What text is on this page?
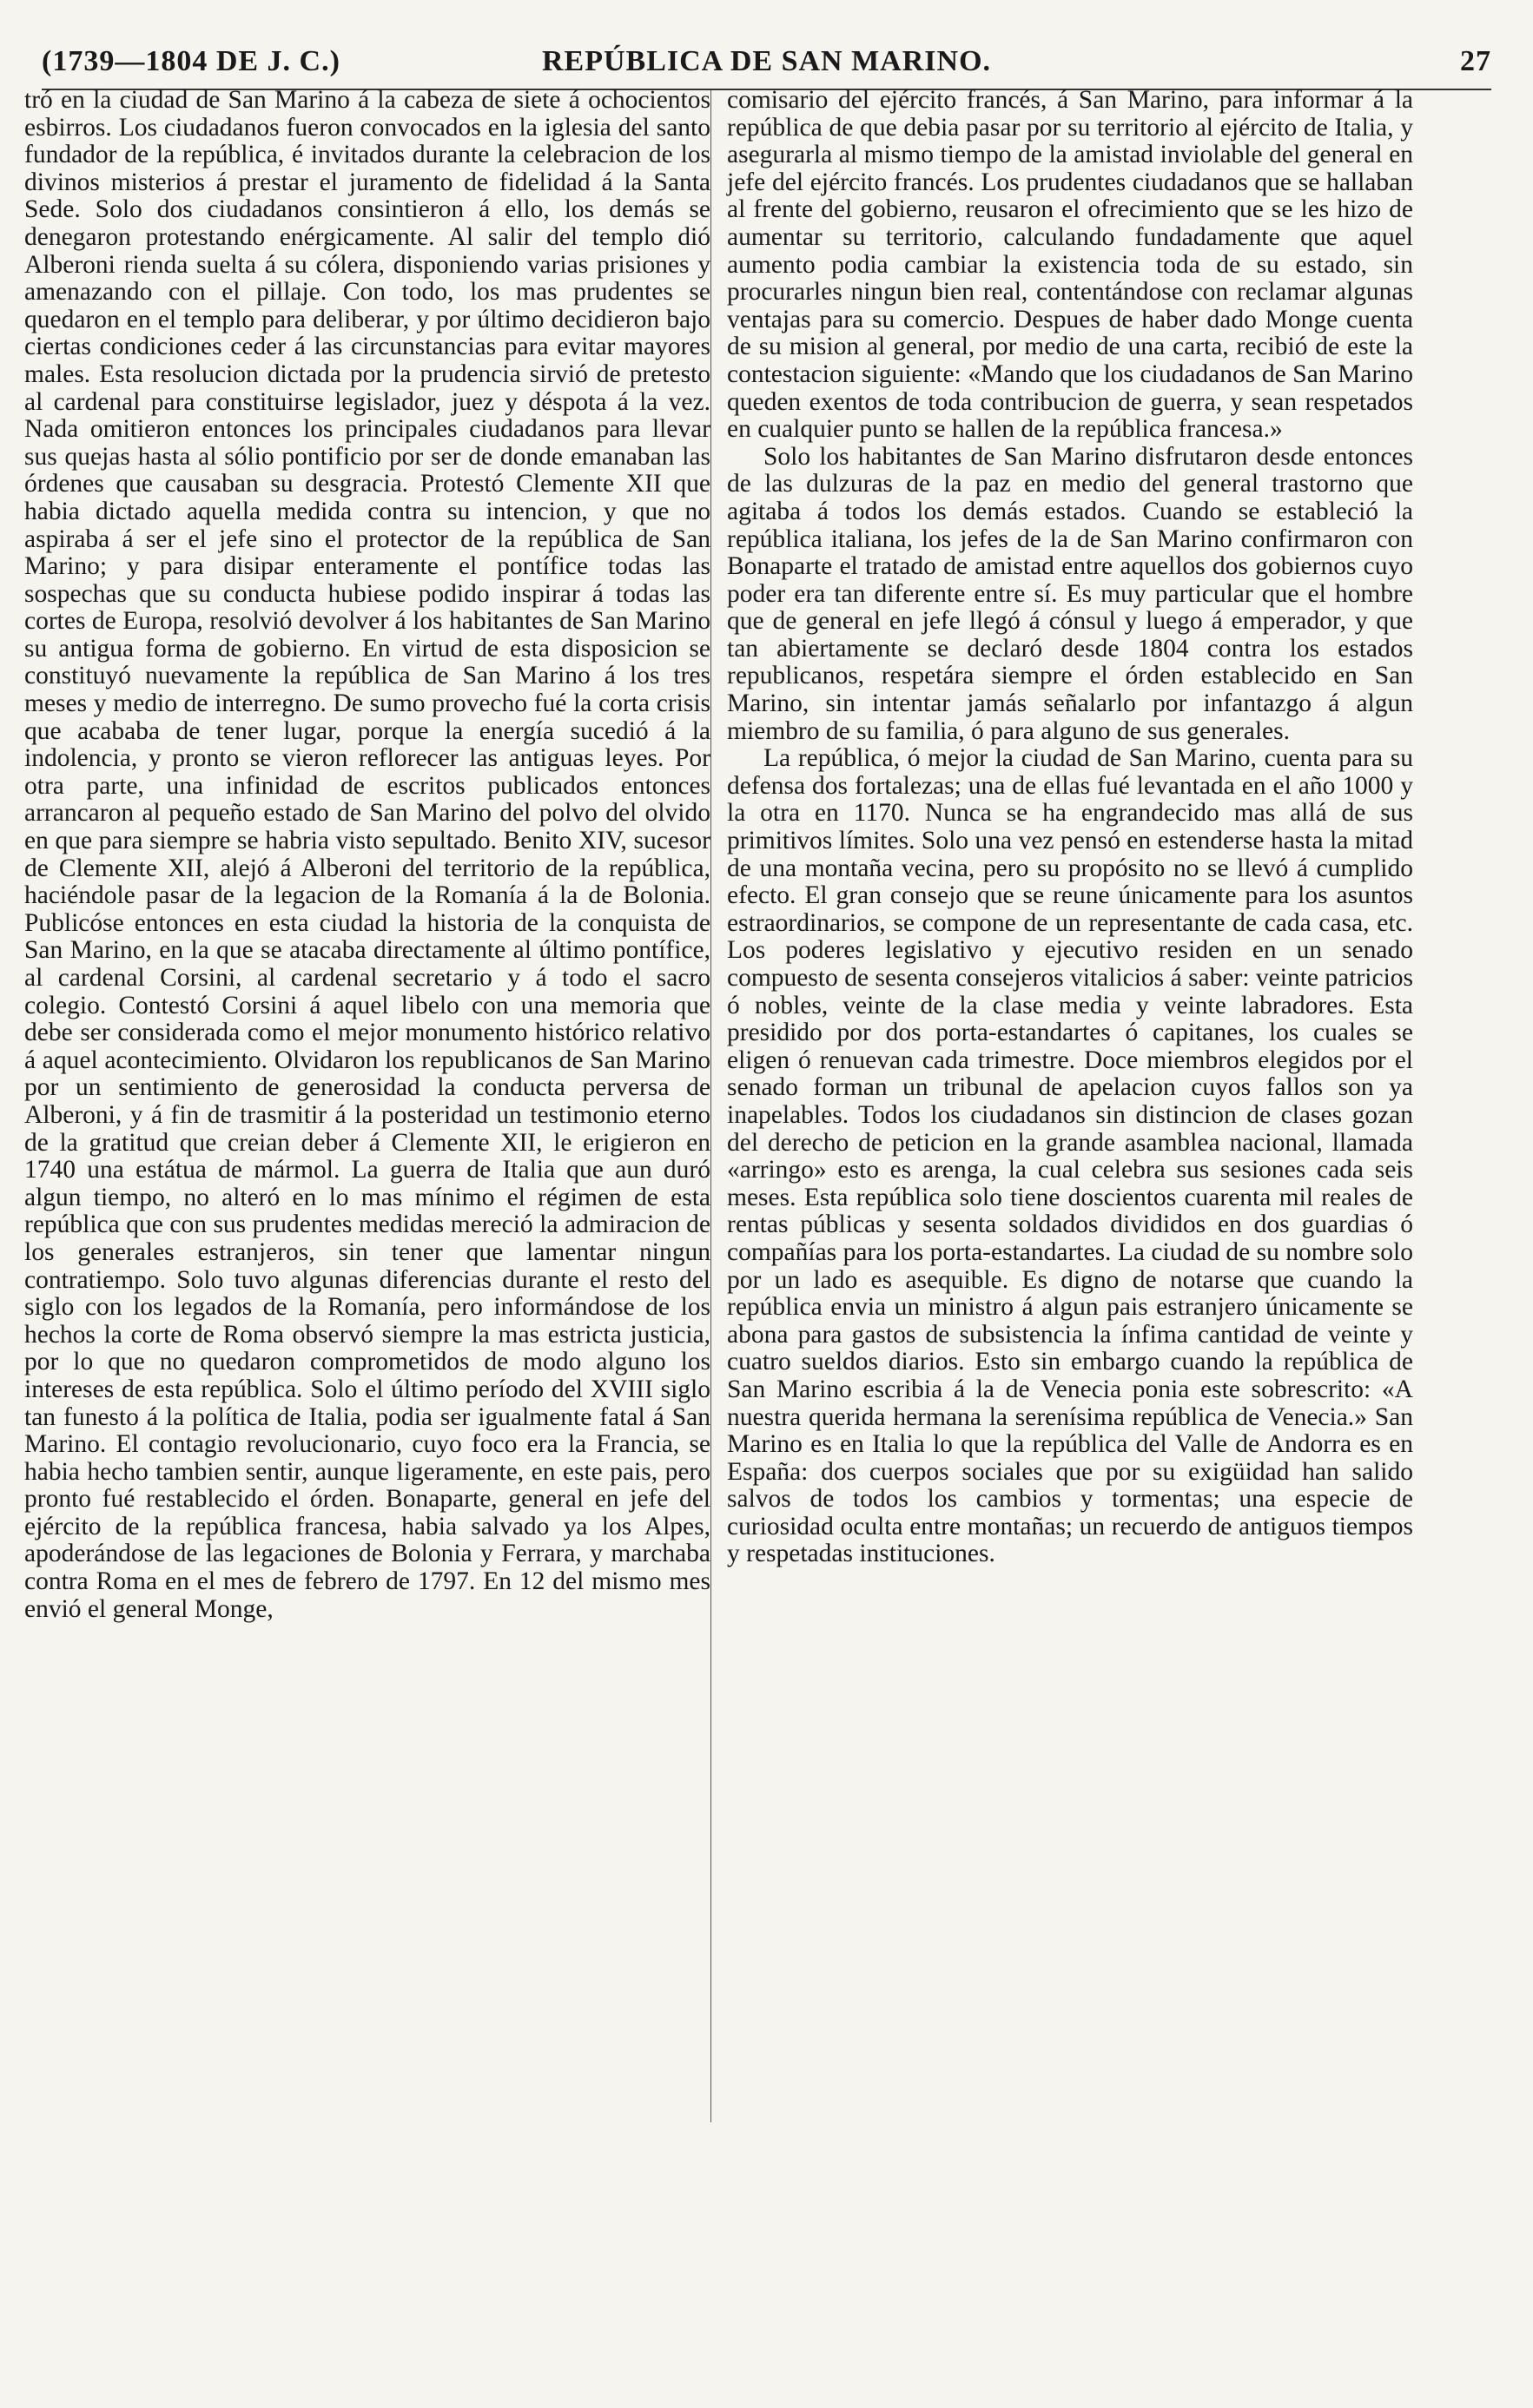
(1739—1804 DE J. C.)	REPÚBLICA DE SAN MARINO.	27

tró en la ciudad de San Marino á la cabeza de siete á ochocientos esbirros. Los ciudadanos fueron convocados en la iglesia del santo fundador de la república, é invitados durante la celebracion de los divinos misterios á prestar el juramento de fidelidad á la Santa Sede. Solo dos ciudadanos consintieron á ello, los demás se denegaron protestando enérgicamente. Al salir del templo dió Alberoni rienda suelta á su cólera, disponiendo varias prisiones y amenazando con el pillaje. Con todo, los mas prudentes se quedaron en el templo para deliberar, y por último decidieron bajo ciertas condiciones ceder á las circunstancias para evitar mayores males. Esta resolucion dictada por la prudencia sirvió de pretesto al cardenal para constituirse legislador, juez y déspota á la vez. Nada omitieron entonces los principales ciudadanos para llevar sus quejas hasta al sólio pontificio por ser de donde emanaban las órdenes que causaban su desgracia. Protestó Clemente XII que habia dictado aquella medida contra su intencion, y que no aspiraba á ser el jefe sino el protector de la república de San Marino; y para disipar enteramente el pontífice todas las sospechas que su conducta hubiese podido inspirar á todas las cortes de Europa, resolvió devolver á los habitantes de San Marino su antigua forma de gobierno. En virtud de esta disposicion se constituyó nuevamente la república de San Marino á los tres meses y medio de interregno. De sumo provecho fué la corta crisis que acababa de tener lugar, porque la energía sucedió á la indolencia, y pronto se vieron reflorecer las antiguas leyes. Por otra parte, una infinidad de escritos publicados entonces arrancaron al pequeño estado de San Marino del polvo del olvido en que para siempre se habria visto sepultado. Benito XIV, sucesor de Clemente XII, alejó á Alberoni del territorio de la república, haciéndole pasar de la legacion de la Romanía á la de Bolonia. Publicóse entonces en esta ciudad la historia de la conquista de San Marino, en la que se atacaba directamente al último pontífice, al cardenal Corsini, al cardenal secretario y á todo el sacro colegio. Contestó Corsini á aquel libelo con una memoria que debe ser considerada como el mejor monumento histórico relativo á aquel acontecimiento. Olvidaron los republicanos de San Marino por un sentimiento de generosidad la conducta perversa de Alberoni, y á fin de trasmitir á la posteridad un testimonio eterno de la gratitud que creian deber á Clemente XII, le erigieron en 1740 una estátua de mármol. La guerra de Italia que aun duró algun tiempo, no alteró en lo mas mínimo el régimen de esta república que con sus prudentes medidas mereció la admiracion de los generales estranjeros, sin tener que lamentar ningun contratiempo. Solo tuvo algunas diferencias durante el resto del siglo con los legados de la Romanía, pero informándose de los hechos la corte de Roma observó siempre la mas estricta justicia, por lo que no quedaron comprometidos de modo alguno los intereses de esta república. Solo el último período del XVIII siglo tan funesto á la política de Italia, podia ser igualmente fatal á San Marino. El contagio revolucionario, cuyo foco era la Francia, se habia hecho tambien sentir, aunque ligeramente, en este pais, pero pronto fué restablecido el órden. Bonaparte, general en jefe del ejército de la república francesa, habia salvado ya los Alpes, apoderándose de las legaciones de Bolonia y Ferrara, y marchaba contra Roma en el mes de febrero de 1797. En 12 del mismo mes envió el general Monge,

comisario del ejército francés, á San Marino, para informar á la república de que debia pasar por su territorio al ejército de Italia, y asegurarla al mismo tiempo de la amistad inviolable del general en jefe del ejército francés. Los prudentes ciudadanos que se hallaban al frente del gobierno, reusaron el ofrecimiento que se les hizo de aumentar su territorio, calculando fundadamente que aquel aumento podia cambiar la existencia toda de su estado, sin procurarles ningun bien real, contentándose con reclamar algunas ventajas para su comercio. Despues de haber dado Monge cuenta de su mision al general, por medio de una carta, recibió de este la contestacion siguiente: «Mando que los ciudadanos de San Marino queden exentos de toda contribucion de guerra, y sean respetados en cualquier punto se hallen de la república francesa.»

Solo los habitantes de San Marino disfrutaron desde entonces de las dulzuras de la paz en medio del general trastorno que agitaba á todos los demás estados. Cuando se estableció la república italiana, los jefes de la de San Marino confirmaron con Bonaparte el tratado de amistad entre aquellos dos gobiernos cuyo poder era tan diferente entre sí. Es muy particular que el hombre que de general en jefe llegó á cónsul y luego á emperador, y que tan abiertamente se declaró desde 1804 contra los estados republicanos, respetára siempre el órden establecido en San Marino, sin intentar jamás señalarlo por infantazgo á algun miembro de su familia, ó para alguno de sus generales.

La república, ó mejor la ciudad de San Marino, cuenta para su defensa dos fortalezas; una de ellas fué levantada en el año 1000 y la otra en 1170. Nunca se ha engrandecido mas allá de sus primitivos límites. Solo una vez pensó en estenderse hasta la mitad de una montaña vecina, pero su propósito no se llevó á cumplido efecto. El gran consejo que se reune únicamente para los asuntos estraordinarios, se compone de un representante de cada casa, etc. Los poderes legislativo y ejecutivo residen en un senado compuesto de sesenta consejeros vitalicios á saber: veinte patricios ó nobles, veinte de la clase media y veinte labradores. Esta presidido por dos porta-estandartes ó capitanes, los cuales se eligen ó renuevan cada trimestre. Doce miembros elegidos por el senado forman un tribunal de apelacion cuyos fallos son ya inapelables. Todos los ciudadanos sin distincion de clases gozan del derecho de peticion en la grande asamblea nacional, llamada «arringo» esto es arenga, la cual celebra sus sesiones cada seis meses. Esta república solo tiene doscientos cuarenta mil reales de rentas públicas y sesenta soldados divididos en dos guardias ó compañías para los porta-estandartes. La ciudad de su nombre solo por un lado es asequible. Es digno de notarse que cuando la república envia un ministro á algun pais estranjero únicamente se abona para gastos de subsistencia la ínfima cantidad de veinte y cuatro sueldos diarios. Esto sin embargo cuando la república de San Marino escribia á la de Venecia ponia este sobrescrito: «A nuestra querida hermana la serenísima república de Venecia.» San Marino es en Italia lo que la república del Valle de Andorra es en España: dos cuerpos sociales que por su exigüidad han salido salvos de todos los cambios y tormentas; una especie de curiosidad oculta entre montañas; un recuerdo de antiguos tiempos y respetadas instituciones.
